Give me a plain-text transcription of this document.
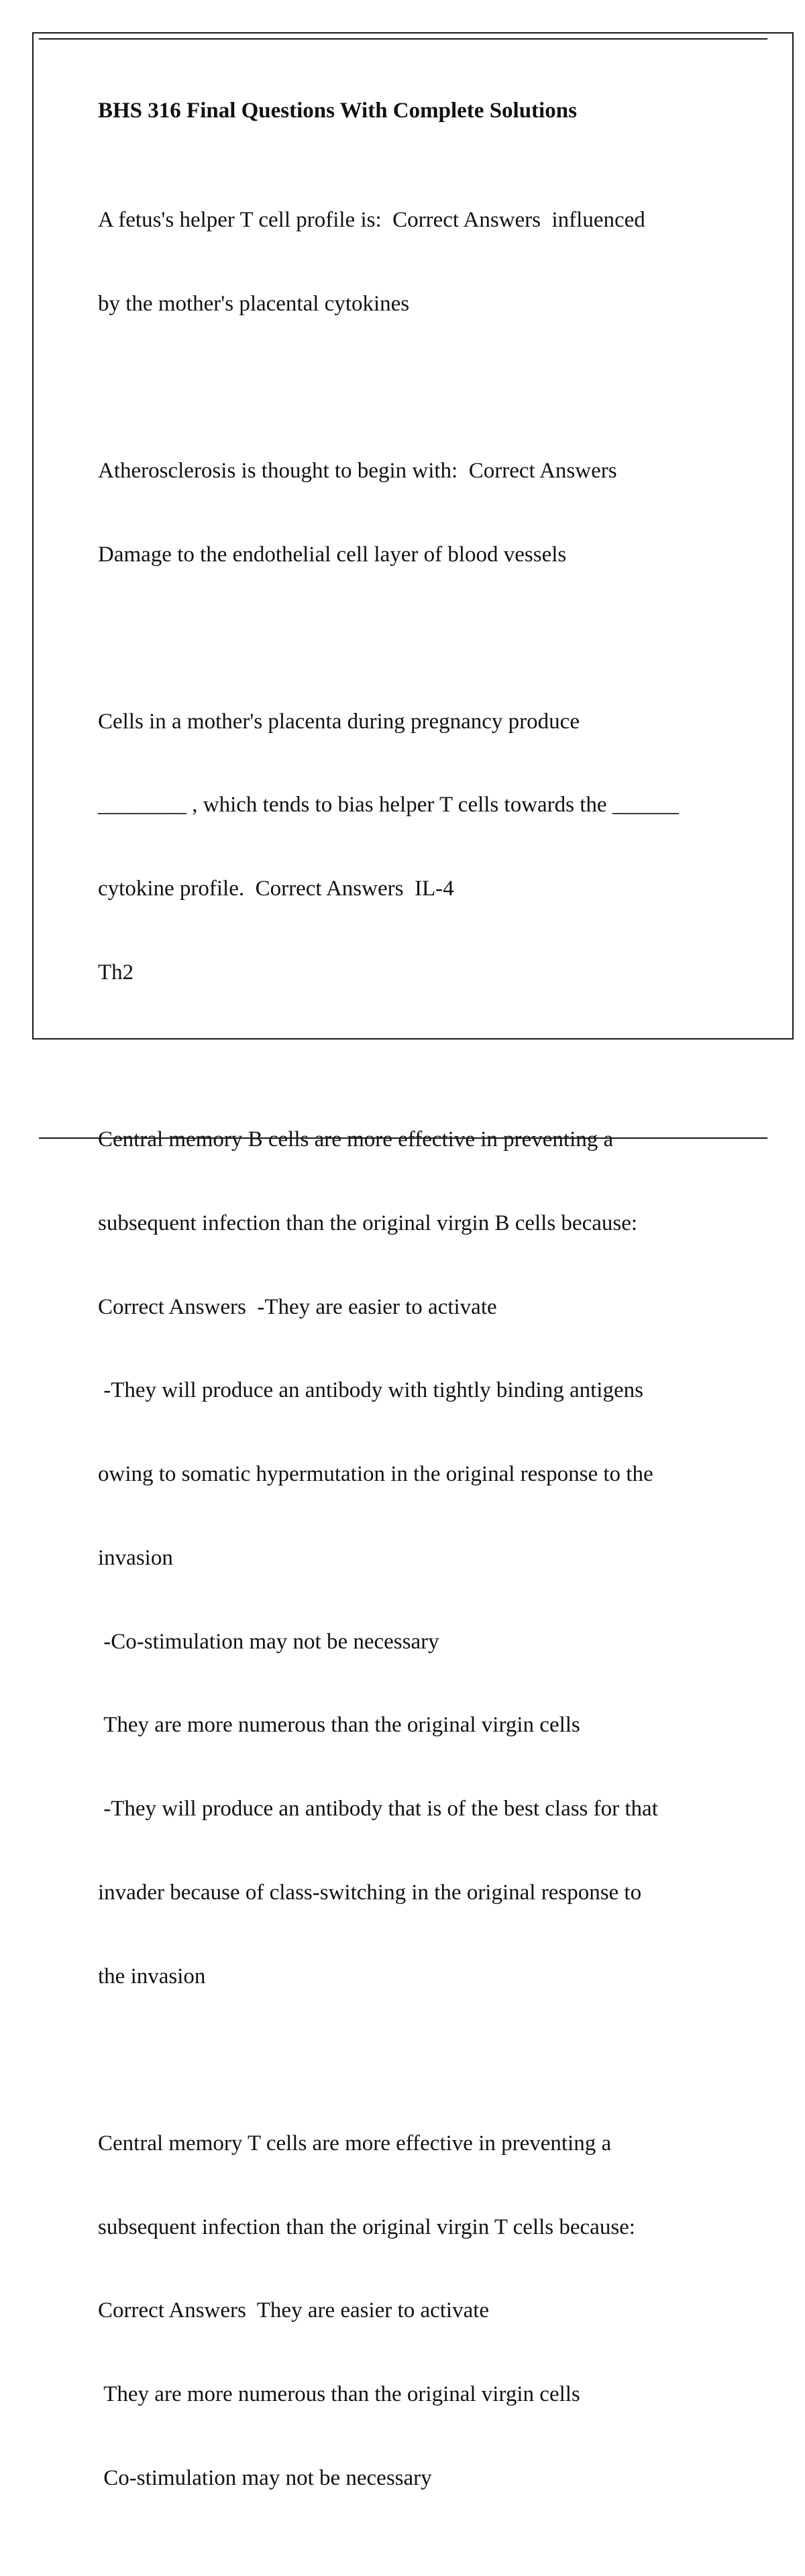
BHS 316 Final Questions With Complete Solutions

A fetus's helper T cell profile is:  Correct Answers  influenced

by the mother's placental cytokines

Atherosclerosis is thought to begin with:  Correct Answers

Damage to the endothelial cell layer of blood vessels

Cells in a mother's placenta during pregnancy produce

________ , which tends to bias helper T cells towards the ______

cytokine profile.  Correct Answers  IL-4

Th2

Central memory B cells are more effective in preventing a

subsequent infection than the original virgin B cells because:

Correct Answers  -They are easier to activate

-They will produce an antibody with tightly binding antigens

owing to somatic hypermutation in the original response to the

invasion

-Co-stimulation may not be necessary

They are more numerous than the original virgin cells

-They will produce an antibody that is of the best class for that

invader because of class-switching in the original response to

the invasion

Central memory T cells are more effective in preventing a

subsequent infection than the original virgin T cells because:

Correct Answers  They are easier to activate

They are more numerous than the original virgin cells

Co-stimulation may not be necessary
